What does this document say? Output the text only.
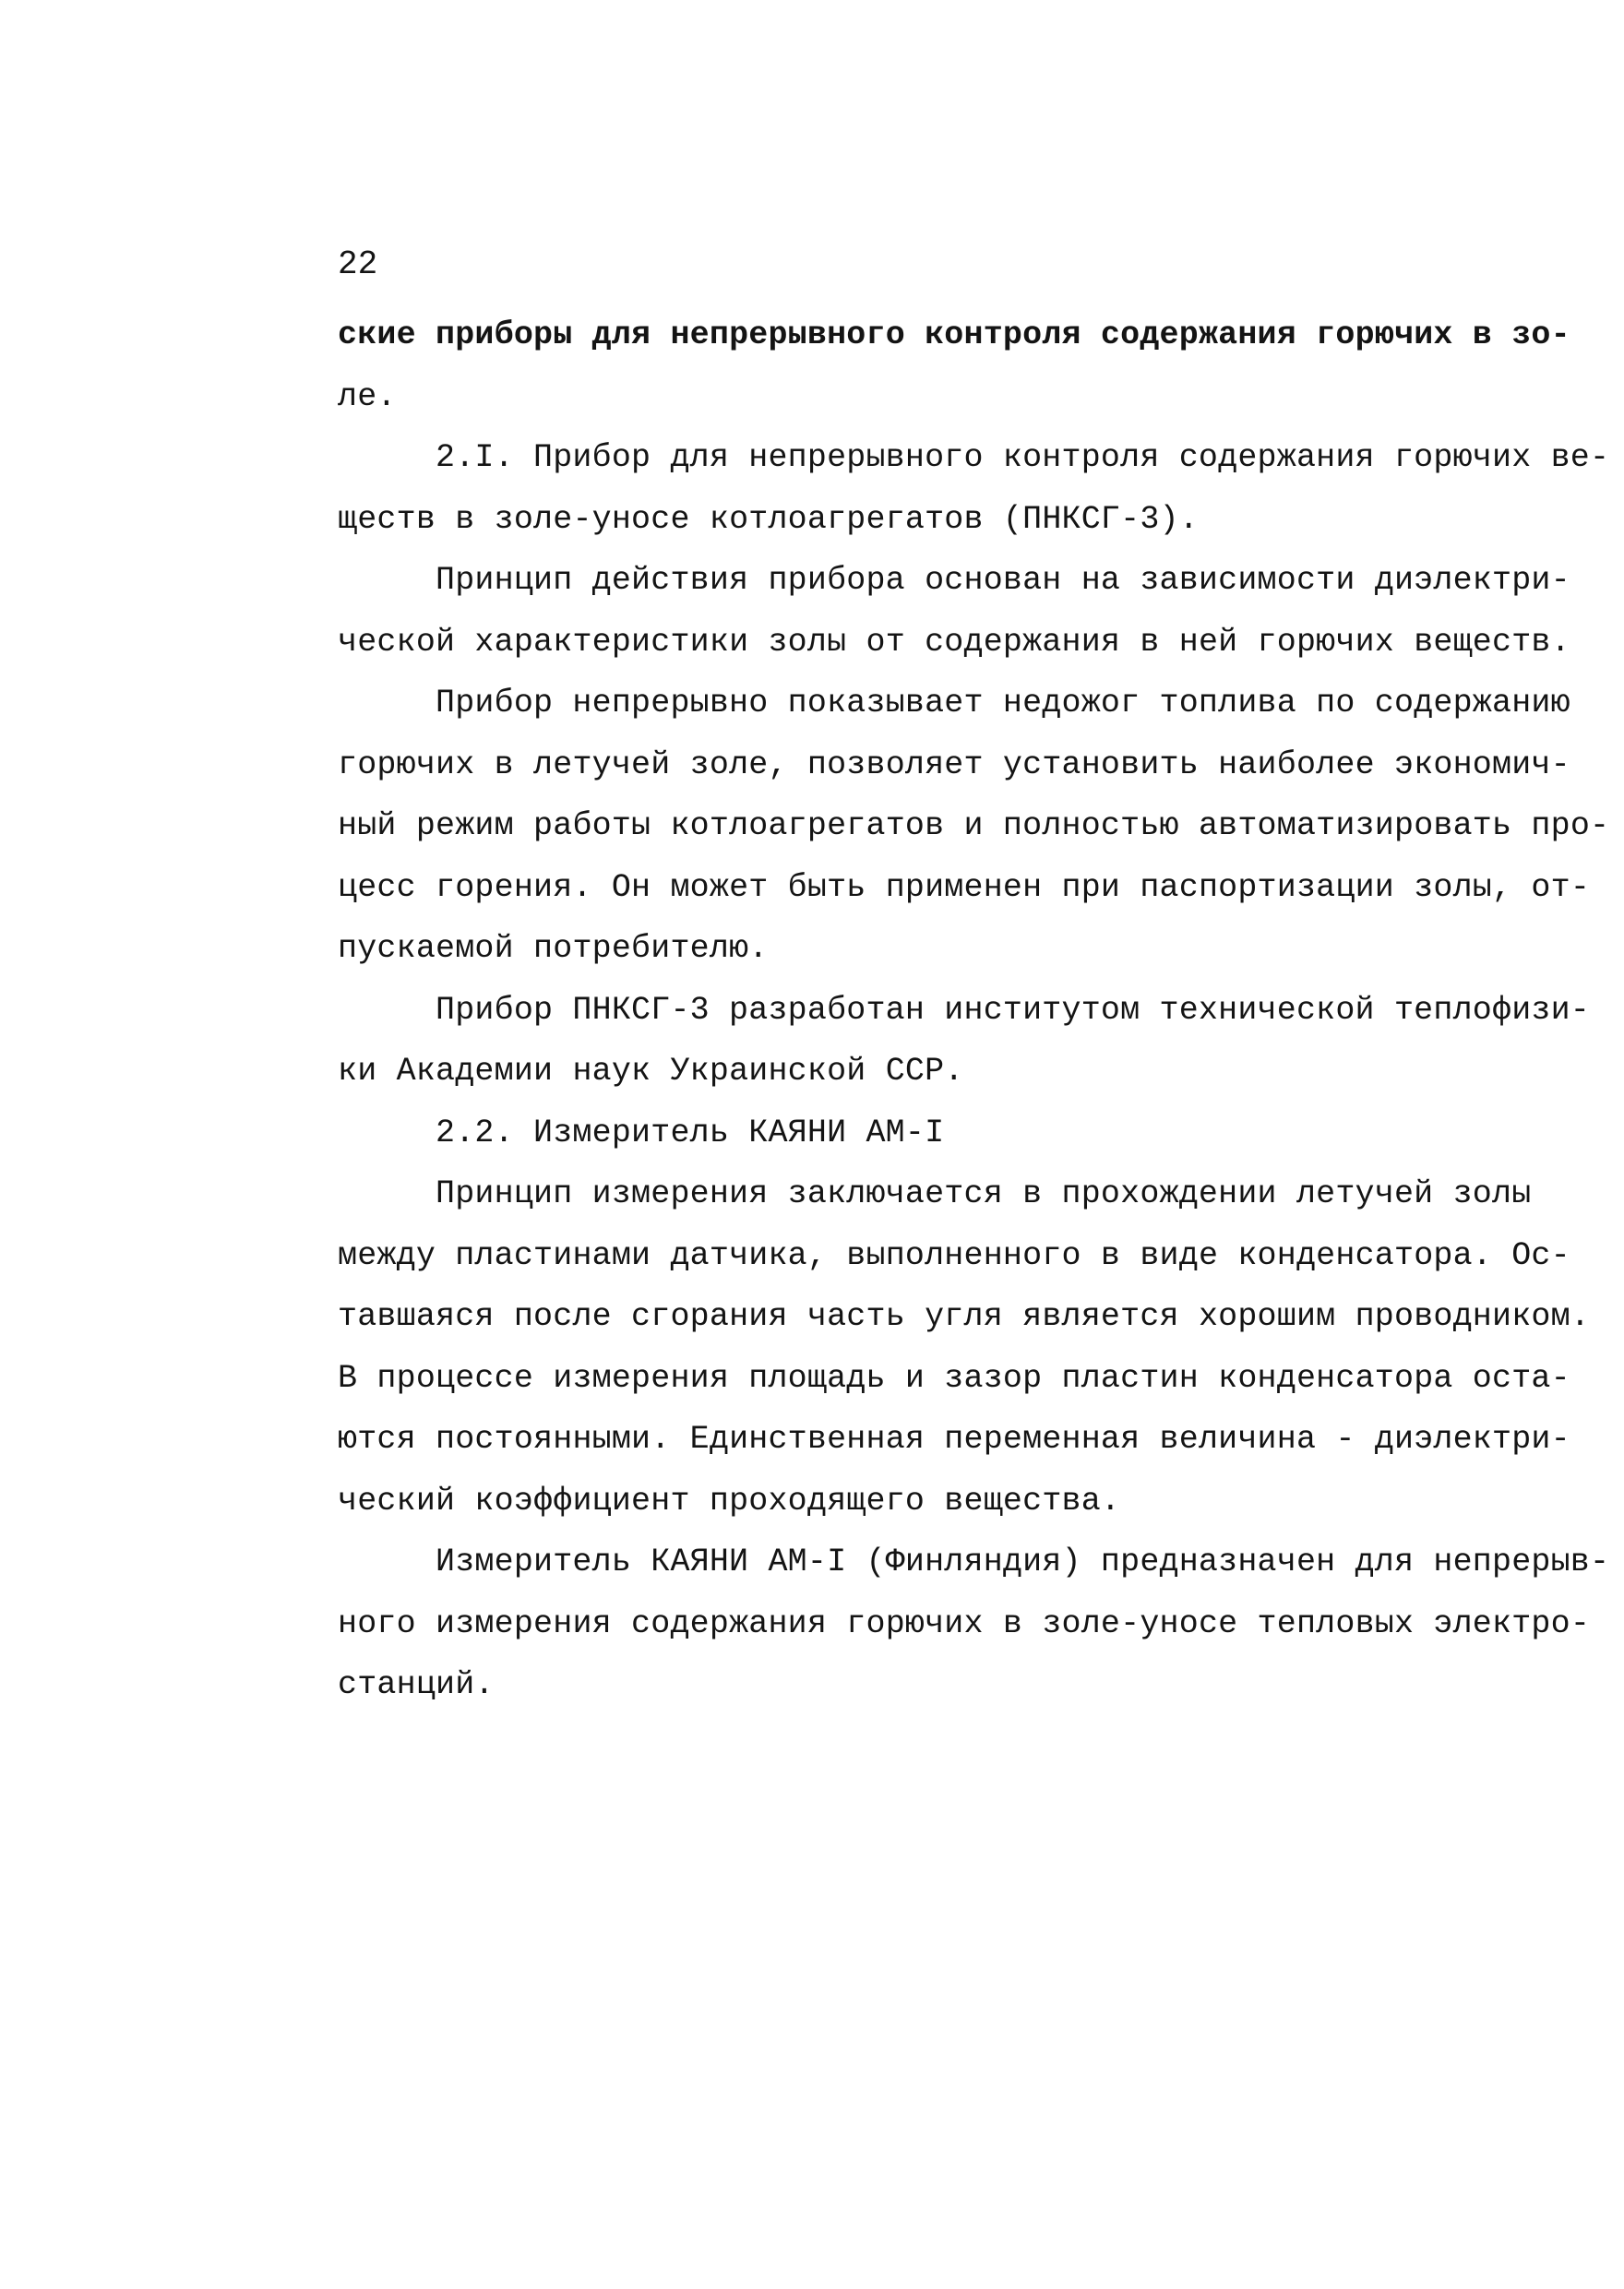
22

ские приборы для непрерывного контроля содержания горючих в зо-
ле.
2.I. Прибор для непрерывного контроля содержания горючих ве-
ществ в золе-уносе котлоагрегатов (ПНКСГ-3).
Принцип действия прибора основан на зависимости диэлектри-
ческой характеристики золы от содержания в ней горючих веществ.
Прибор непрерывно показывает недожог топлива по содержанию
горючих в летучей золе, позволяет установить наиболее экономич-
ный режим работы котлоагрегатов и полностью автоматизировать про-
цесс горения. Он может быть применен при паспортизации золы, от-
пускаемой потребителю.
Прибор ПНКСГ-3 разработан институтом технической теплофизи-
ки Академии наук Украинской ССР.
2.2. Измеритель КАЯНИ АМ-I
Принцип измерения заключается в прохождении летучей золы
между пластинами датчика, выполненного в виде конденсатора. Ос-
тавшаяся после сгорания часть угля является хорошим проводником.
В процессе измерения площадь и зазор пластин конденсатора оста-
ются постоянными. Единственная переменная величина - диэлектри-
ческий коэффициент проходящего вещества.
Измеритель КАЯНИ АМ-I (Финляндия) предназначен для непрерыв-
ного измерения содержания горючих в золе-уносе тепловых электро-
станций.
